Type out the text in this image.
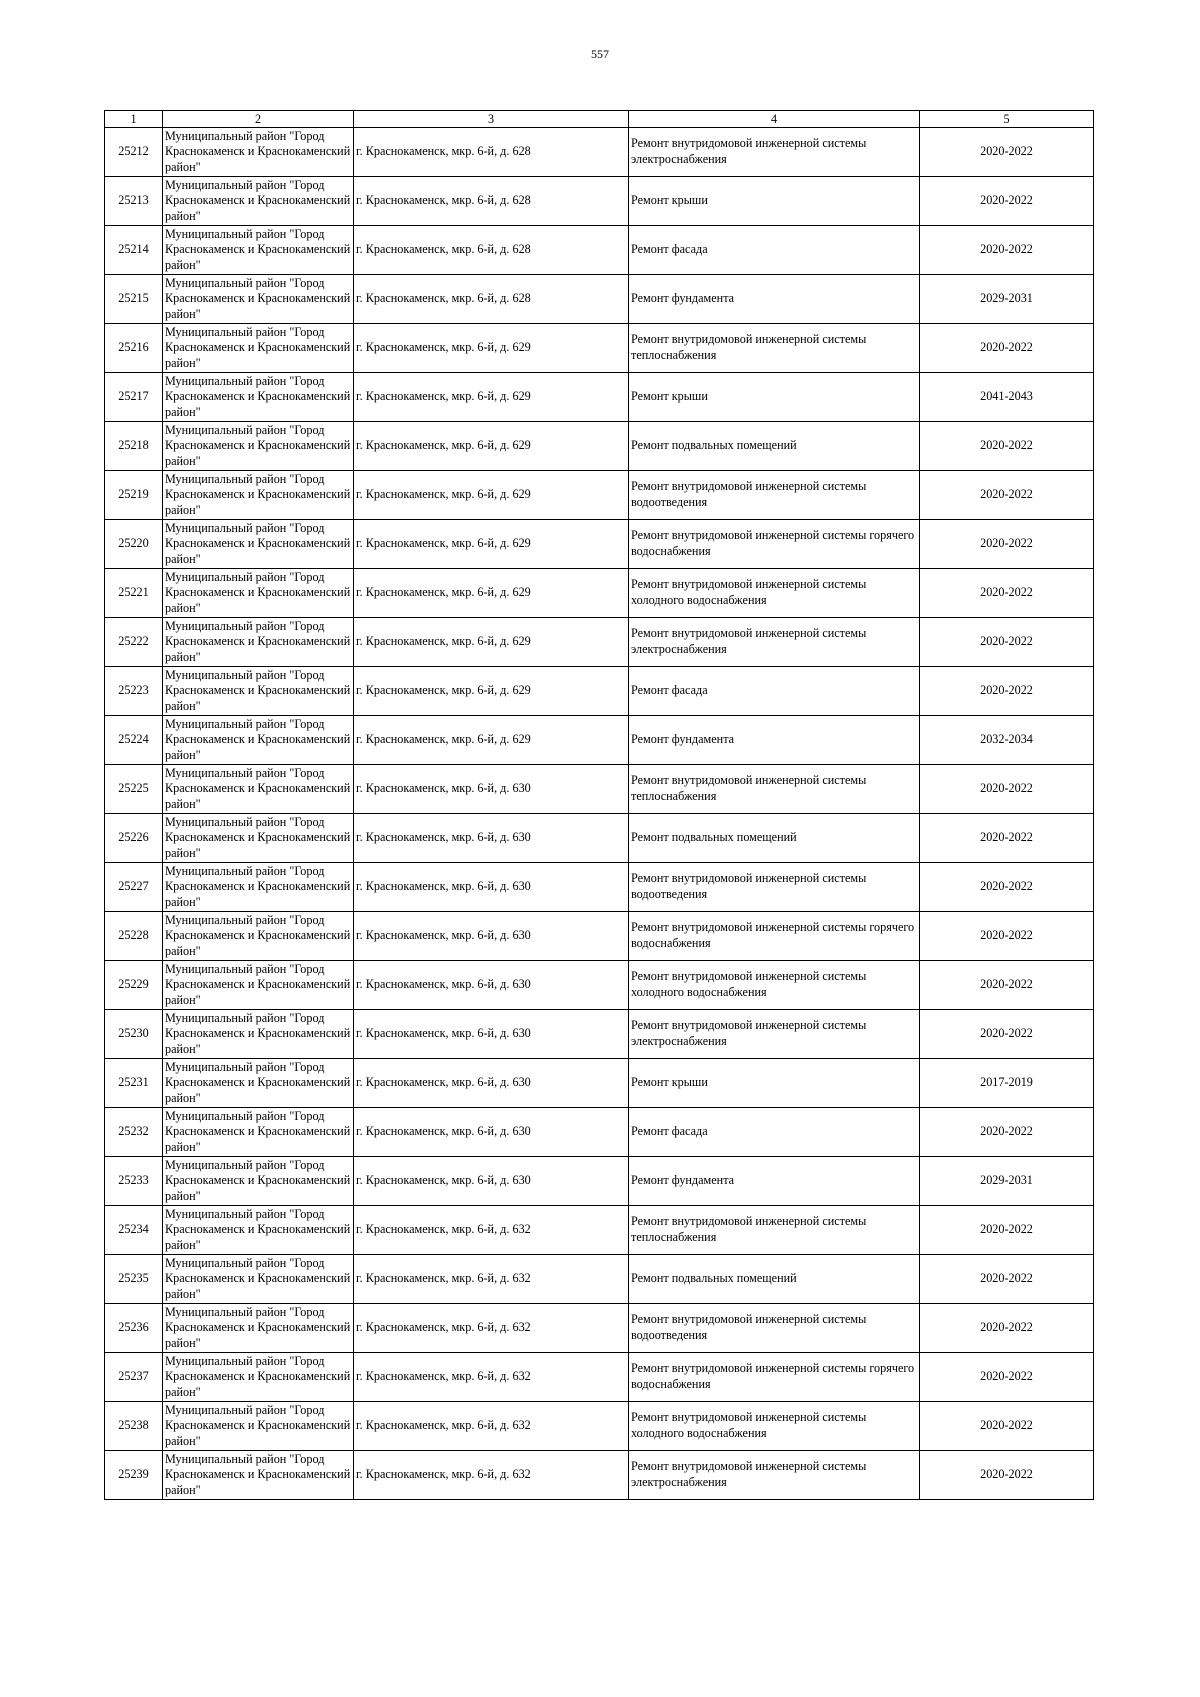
557
1	2	3	4	5
25212	Муниципальный район "Город Краснокаменск и Краснокаменский район"	г. Краснокаменск, мкр. 6-й, д. 628	Ремонт внутридомовой инженерной системы электроснабжения	2020-2022
25213	Муниципальный район "Город Краснокаменск и Краснокаменский район"	г. Краснокаменск, мкр. 6-й, д. 628	Ремонт крыши	2020-2022
25214	Муниципальный район "Город Краснокаменск и Краснокаменский район"	г. Краснокаменск, мкр. 6-й, д. 628	Ремонт фасада	2020-2022
25215	Муниципальный район "Город Краснокаменск и Краснокаменский район"	г. Краснокаменск, мкр. 6-й, д. 628	Ремонт фундамента	2029-2031
25216	Муниципальный район "Город Краснокаменск и Краснокаменский район"	г. Краснокаменск, мкр. 6-й, д. 629	Ремонт внутридомовой инженерной системы теплоснабжения	2020-2022
25217	Муниципальный район "Город Краснокаменск и Краснокаменский район"	г. Краснокаменск, мкр. 6-й, д. 629	Ремонт крыши	2041-2043
25218	Муниципальный район "Город Краснокаменск и Краснокаменский район"	г. Краснокаменск, мкр. 6-й, д. 629	Ремонт подвальных помещений	2020-2022
25219	Муниципальный район "Город Краснокаменск и Краснокаменский район"	г. Краснокаменск, мкр. 6-й, д. 629	Ремонт внутридомовой инженерной системы водоотведения	2020-2022
25220	Муниципальный район "Город Краснокаменск и Краснокаменский район"	г. Краснокаменск, мкр. 6-й, д. 629	Ремонт внутридомовой инженерной системы горячего водоснабжения	2020-2022
25221	Муниципальный район "Город Краснокаменск и Краснокаменский район"	г. Краснокаменск, мкр. 6-й, д. 629	Ремонт внутридомовой инженерной системы холодного водоснабжения	2020-2022
25222	Муниципальный район "Город Краснокаменск и Краснокаменский район"	г. Краснокаменск, мкр. 6-й, д. 629	Ремонт внутридомовой инженерной системы электроснабжения	2020-2022
25223	Муниципальный район "Город Краснокаменск и Краснокаменский район"	г. Краснокаменск, мкр. 6-й, д. 629	Ремонт фасада	2020-2022
25224	Муниципальный район "Город Краснокаменск и Краснокаменский район"	г. Краснокаменск, мкр. 6-й, д. 629	Ремонт фундамента	2032-2034
25225	Муниципальный район "Город Краснокаменск и Краснокаменский район"	г. Краснокаменск, мкр. 6-й, д. 630	Ремонт внутридомовой инженерной системы теплоснабжения	2020-2022
25226	Муниципальный район "Город Краснокаменск и Краснокаменский район"	г. Краснокаменск, мкр. 6-й, д. 630	Ремонт подвальных помещений	2020-2022
25227	Муниципальный район "Город Краснокаменск и Краснокаменский район"	г. Краснокаменск, мкр. 6-й, д. 630	Ремонт внутридомовой инженерной системы водоотведения	2020-2022
25228	Муниципальный район "Город Краснокаменск и Краснокаменский район"	г. Краснокаменск, мкр. 6-й, д. 630	Ремонт внутридомовой инженерной системы горячего водоснабжения	2020-2022
25229	Муниципальный район "Город Краснокаменск и Краснокаменский район"	г. Краснокаменск, мкр. 6-й, д. 630	Ремонт внутридомовой инженерной системы холодного водоснабжения	2020-2022
25230	Муниципальный район "Город Краснокаменск и Краснокаменский район"	г. Краснокаменск, мкр. 6-й, д. 630	Ремонт внутридомовой инженерной системы электроснабжения	2020-2022
25231	Муниципальный район "Город Краснокаменск и Краснокаменский район"	г. Краснокаменск, мкр. 6-й, д. 630	Ремонт крыши	2017-2019
25232	Муниципальный район "Город Краснокаменск и Краснокаменский район"	г. Краснокаменск, мкр. 6-й, д. 630	Ремонт фасада	2020-2022
25233	Муниципальный район "Город Краснокаменск и Краснокаменский район"	г. Краснокаменск, мкр. 6-й, д. 630	Ремонт фундамента	2029-2031
25234	Муниципальный район "Город Краснокаменск и Краснокаменский район"	г. Краснокаменск, мкр. 6-й, д. 632	Ремонт внутридомовой инженерной системы теплоснабжения	2020-2022
25235	Муниципальный район "Город Краснокаменск и Краснокаменский район"	г. Краснокаменск, мкр. 6-й, д. 632	Ремонт подвальных помещений	2020-2022
25236	Муниципальный район "Город Краснокаменск и Краснокаменский район"	г. Краснокаменск, мкр. 6-й, д. 632	Ремонт внутридомовой инженерной системы водоотведения	2020-2022
25237	Муниципальный район "Город Краснокаменск и Краснокаменский район"	г. Краснокаменск, мкр. 6-й, д. 632	Ремонт внутридомовой инженерной системы горячего водоснабжения	2020-2022
25238	Муниципальный район "Город Краснокаменск и Краснокаменский район"	г. Краснокаменск, мкр. 6-й, д. 632	Ремонт внутридомовой инженерной системы холодного водоснабжения	2020-2022
25239	Муниципальный район "Город Краснокаменск и Краснокаменский район"	г. Краснокаменск, мкр. 6-й, д. 632	Ремонт внутридомовой инженерной системы электроснабжения	2020-2022
